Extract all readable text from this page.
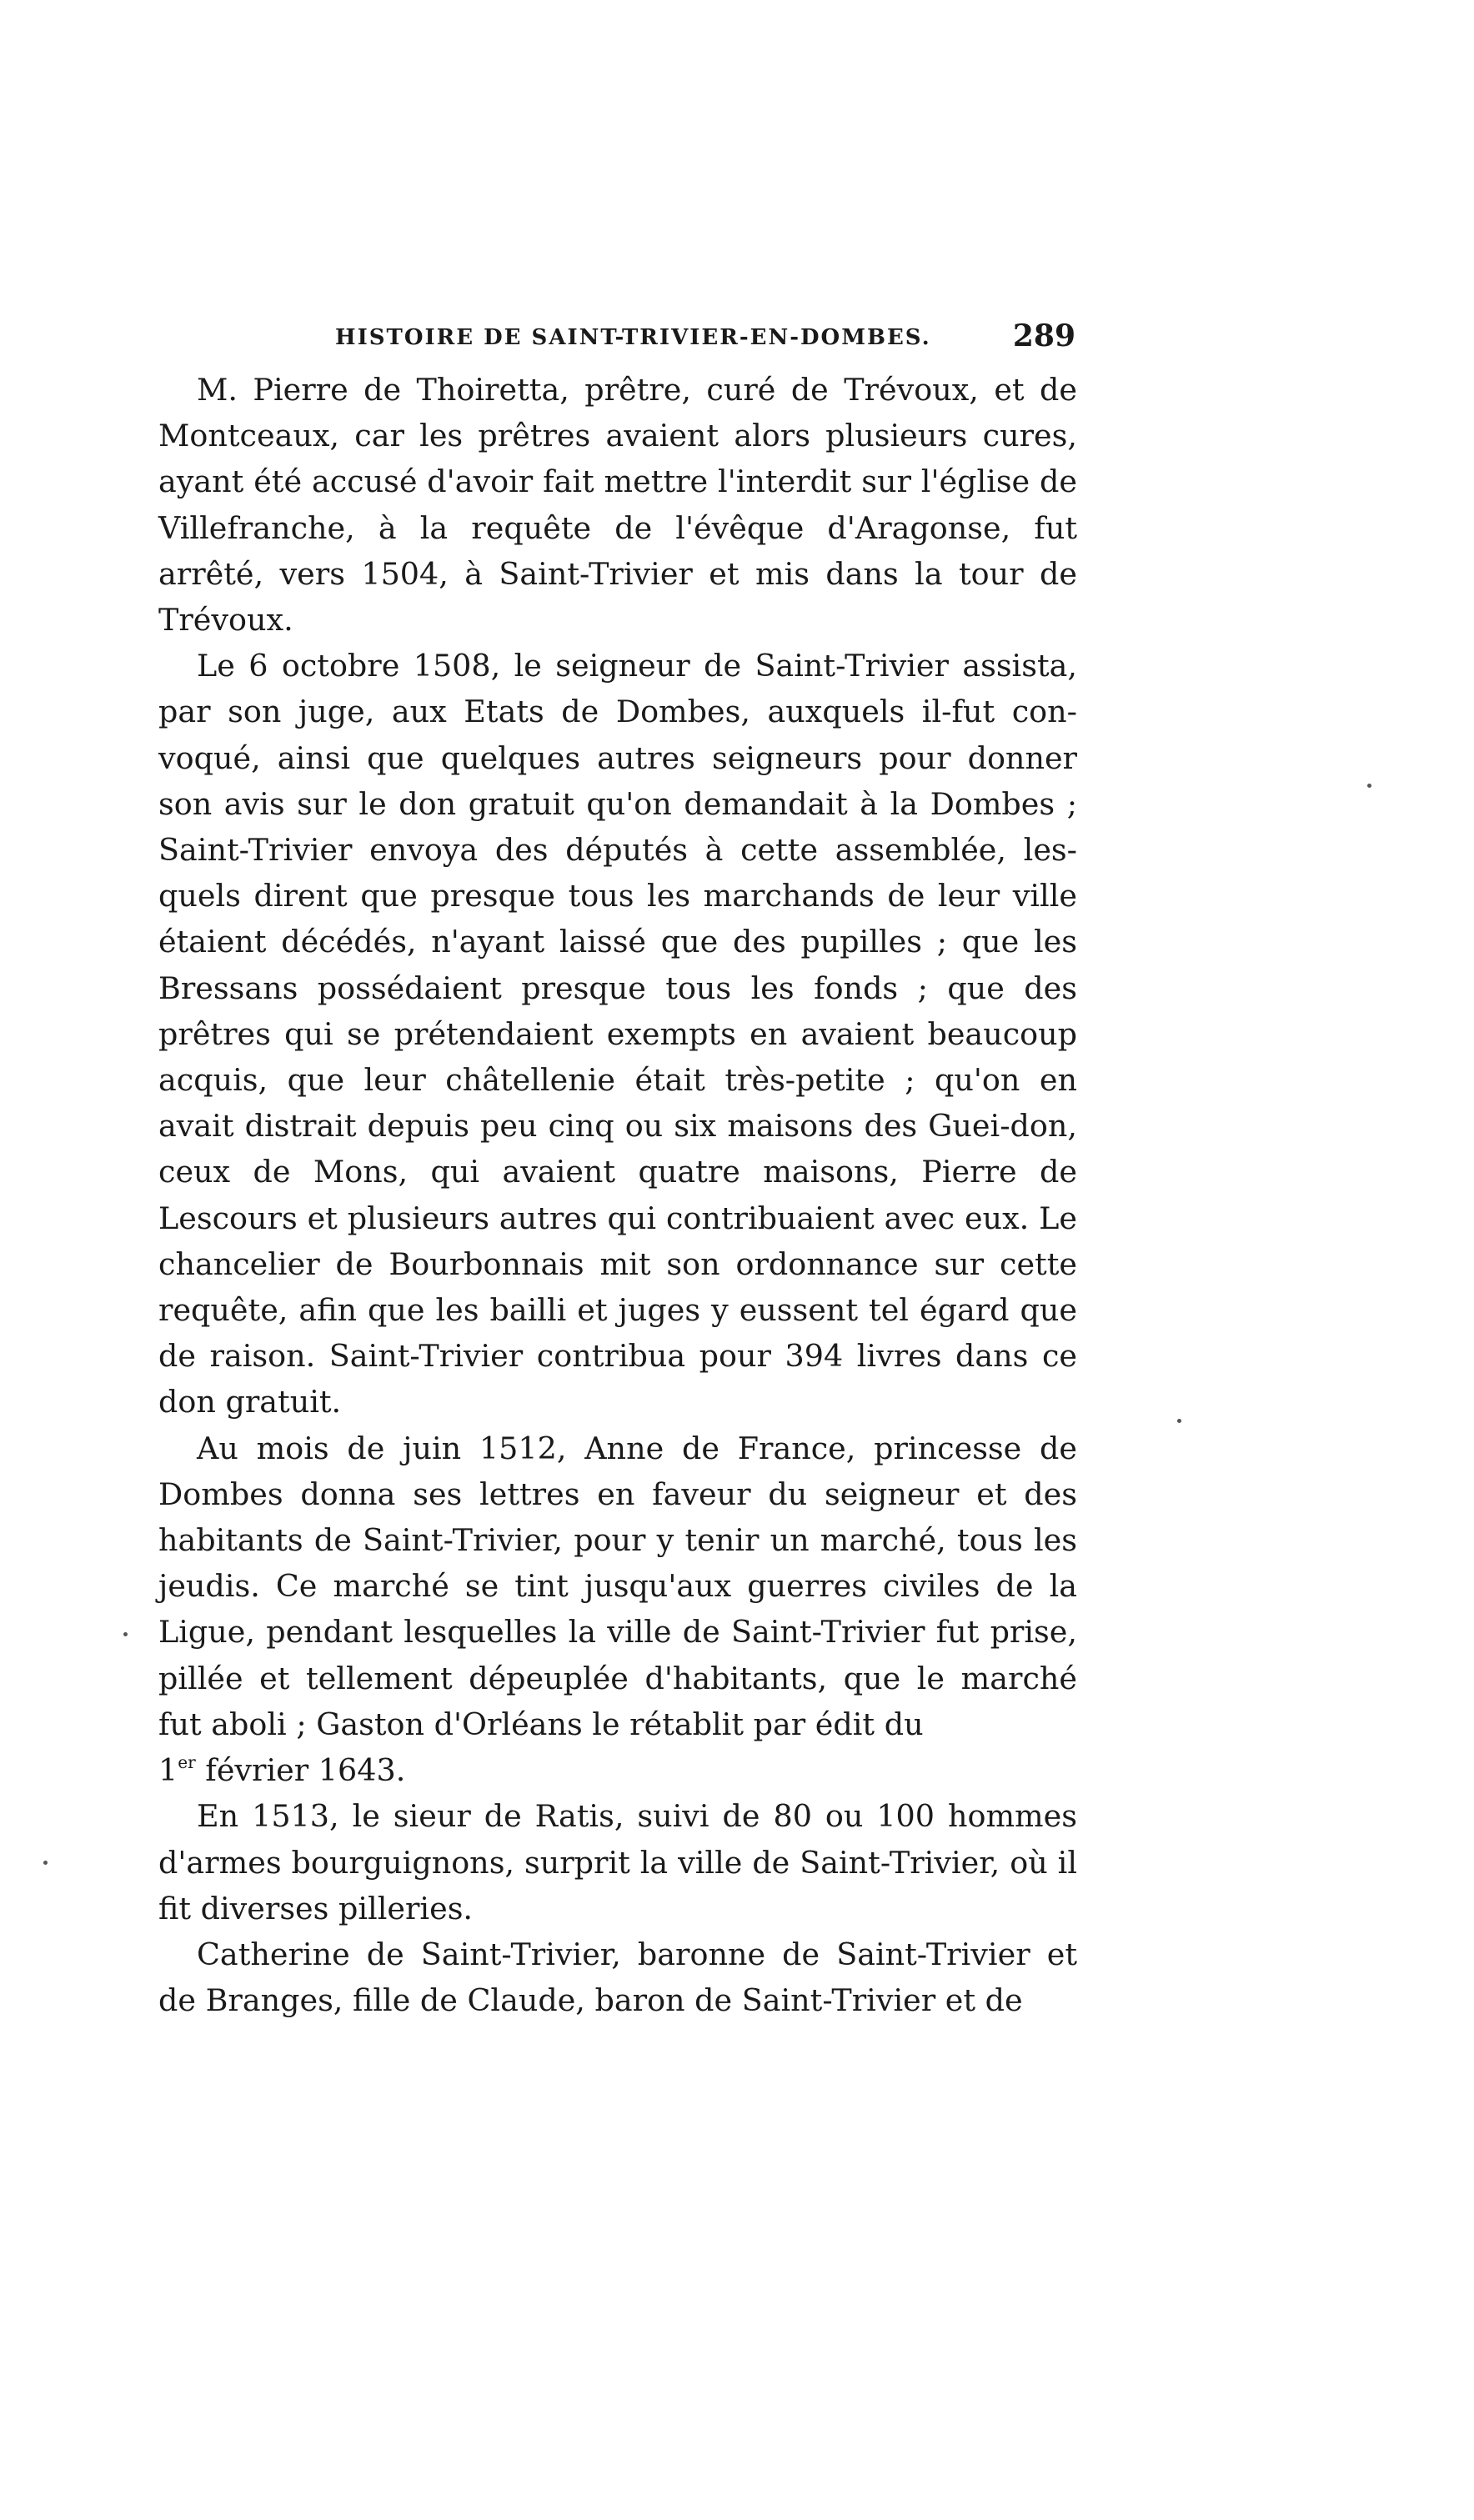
HISTOIRE DE SAINT-TRIVIER-EN-DOMBES.	289

M. Pierre de Thoiretta, prêtre, curé de Trévoux, et de Montceaux, car les prêtres avaient alors plusieurs cures, ayant été accusé d'avoir fait mettre l'interdit sur l'église de Villefranche, à la requête de l'évêque d'Aragonse, fut arrêté, vers 1504, à Saint-Trivier et mis dans la tour de Trévoux.

Le 6 octobre 1508, le seigneur de Saint-Trivier assista, par son juge, aux Etats de Dombes, auxquels il-fut con-voqué, ainsi que quelques autres seigneurs pour donner son avis sur le don gratuit qu'on demandait à la Dombes ; Saint-Trivier envoya des députés à cette assemblée, les-quels dirent que presque tous les marchands de leur ville étaient décédés, n'ayant laissé que des pupilles ; que les Bressans possédaient presque tous les fonds ; que des prêtres qui se prétendaient exempts en avaient beaucoup acquis, que leur châtellenie était très-petite ; qu'on en avait distrait depuis peu cinq ou six maisons des Guei-don, ceux de Mons, qui avaient quatre maisons, Pierre de Lescours et plusieurs autres qui contribuaient avec eux. Le chancelier de Bourbonnais mit son ordonnance sur cette requête, afin que les bailli et juges y eussent tel égard que de raison. Saint-Trivier contribua pour 394 livres dans ce don gratuit.

Au mois de juin 1512, Anne de France, princesse de Dombes donna ses lettres en faveur du seigneur et des habitants de Saint-Trivier, pour y tenir un marché, tous les jeudis. Ce marché se tint jusqu'aux guerres civiles de la Ligue, pendant lesquelles la ville de Saint-Trivier fut prise, pillée et tellement dépeuplée d'habitants, que le marché fut aboli ; Gaston d'Orléans le rétablit par édit du
1er février 1643.

En 1513, le sieur de Ratis, suivi de 80 ou 100 hommes d'armes bourguignons, surprit la ville de Saint-Trivier, où il fit diverses pilleries.

Catherine de Saint-Trivier, baronne de Saint-Trivier et de Branges, fille de Claude, baron de Saint-Trivier et de
